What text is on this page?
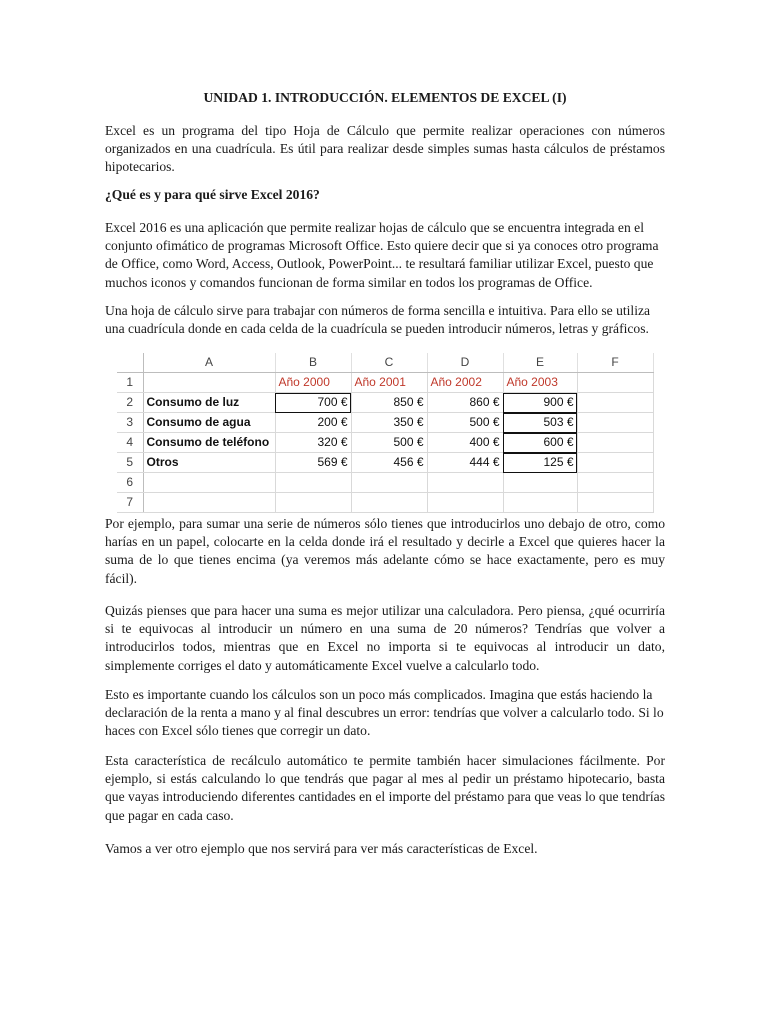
UNIDAD 1. INTRODUCCIÓN. ELEMENTOS DE EXCEL (I)

Excel es un programa del tipo Hoja de Cálculo que permite realizar operaciones con números organizados en una cuadrícula. Es útil para realizar desde simples sumas hasta cálculos de préstamos hipotecarios.

¿Qué es y para qué sirve Excel 2016?

Excel 2016 es una aplicación que permite realizar hojas de cálculo que se encuentra integrada en el conjunto ofimático de programas Microsoft Office. Esto quiere decir que si ya conoces otro programa de Office, como Word, Access, Outlook, PowerPoint... te resultará familiar utilizar Excel, puesto que muchos iconos y comandos funcionan de forma similar en todos los programas de Office.

Una hoja de cálculo sirve para trabajar con números de forma sencilla e intuitiva. Para ello se utiliza una cuadrícula donde en cada celda de la cuadrícula se pueden introducir números, letras y gráficos.

Por ejemplo, para sumar una serie de números sólo tienes que introducirlos uno debajo de otro, como harías en un papel, colocarte en la celda donde irá el resultado y decirle a Excel que quieres hacer la suma de lo que tienes encima (ya veremos más adelante cómo se hace exactamente, pero es muy fácil).

Quizás pienses que para hacer una suma es mejor utilizar una calculadora. Pero piensa, ¿qué ocurriría si te equivocas al introducir un número en una suma de 20 números? Tendrías que volver a introducirlos todos, mientras que en Excel no importa si te equivocas al introducir un dato, simplemente corriges el dato y automáticamente Excel vuelve a calcularlo todo.

Esto es importante cuando los cálculos son un poco más complicados. Imagina que estás haciendo la declaración de la renta a mano y al final descubres un error: tendrías que volver a calcularlo todo. Si lo haces con Excel sólo tienes que corregir un dato.

Esta característica de recálculo automático te permite también hacer simulaciones fácilmente. Por ejemplo, si estás calculando lo que tendrás que pagar al mes al pedir un préstamo hipotecario, basta que vayas introduciendo diferentes cantidades en el importe del préstamo para que veas lo que tendrías que pagar en cada caso.

Vamos a ver otro ejemplo que nos servirá para ver más características de Excel.

	A	B	C	D	E	F
1		Año 2000	Año 2001	Año 2002	Año 2003	
2	Consumo de luz	700 €	850 €	860 €	900 €	
3	Consumo de agua	200 €	350 €	500 €	503 €	
4	Consumo de teléfono	320 €	500 €	400 €	600 €	
5	Otros	569 €	456 €	444 €	125 €	
6						
7						
